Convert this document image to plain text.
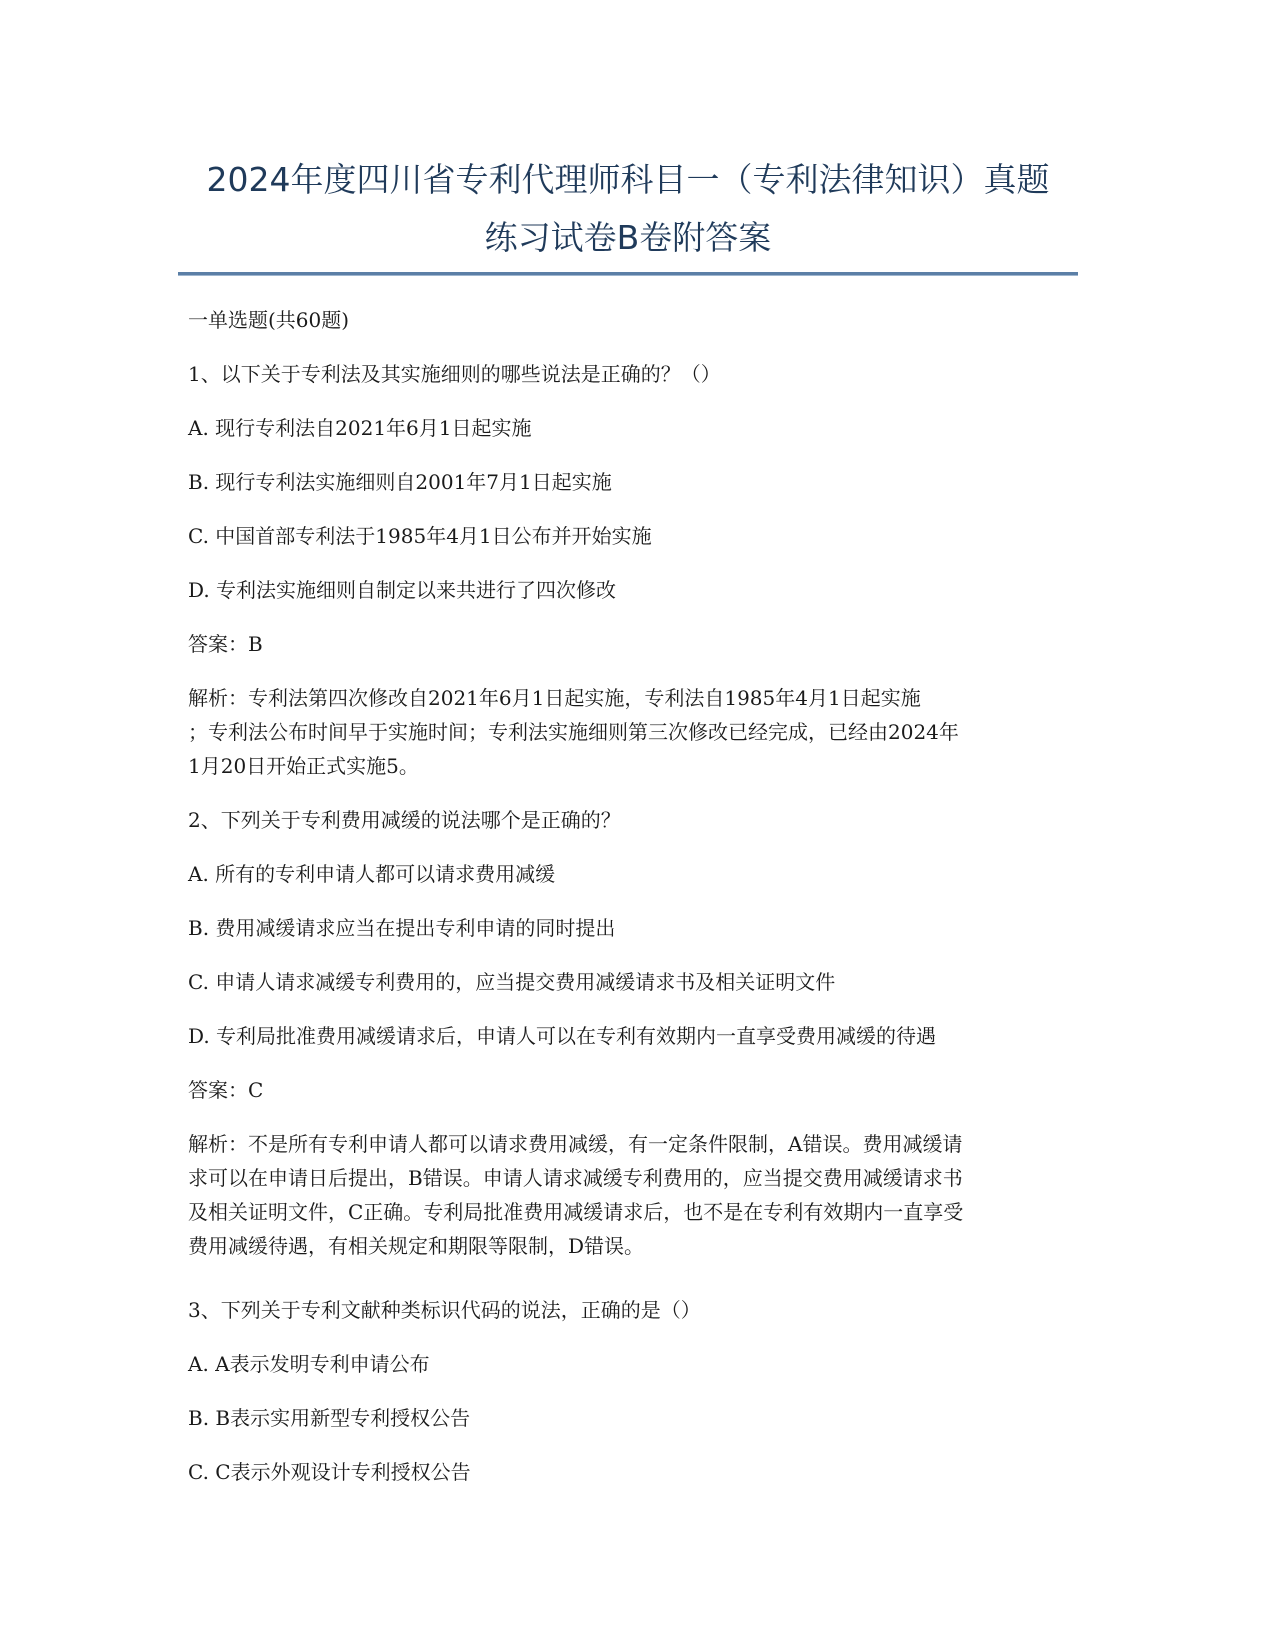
2024年度四川省专利代理师科目一（专利法律知识）真题
练习试卷B卷附答案
一单选题(共60题)
1、以下关于专利法及其实施细则的哪些说法是正确的？（）
A. 现行专利法自2021年6月1日起实施
B. 现行专利法实施细则自2001年7月1日起实施
C. 中国首部专利法于1985年4月1日公布并开始实施
D. 专利法实施细则自制定以来共进行了四次修改
答案：B
解析：专利法第四次修改自2021年6月1日起实施，专利法自1985年4月1日起实施
；专利法公布时间早于实施时间；专利法实施细则第三次修改已经完成，已经由2024年
1月20日开始正式实施5。
2、下列关于专利费用减缓的说法哪个是正确的？
A. 所有的专利申请人都可以请求费用减缓
B. 费用减缓请求应当在提出专利申请的同时提出
C. 申请人请求减缓专利费用的，应当提交费用减缓请求书及相关证明文件
D. 专利局批准费用减缓请求后，申请人可以在专利有效期内一直享受费用减缓的待遇
答案：C
解析：不是所有专利申请人都可以请求费用减缓，有一定条件限制，A错误。费用减缓请
求可以在申请日后提出，B错误。申请人请求减缓专利费用的，应当提交费用减缓请求书
及相关证明文件，C正确。专利局批准费用减缓请求后，也不是在专利有效期内一直享受
费用减缓待遇，有相关规定和期限等限制，D错误。
3、下列关于专利文献种类标识代码的说法，正确的是（）
A. A表示发明专利申请公布
B. B表示实用新型专利授权公告
C. C表示外观设计专利授权公告
